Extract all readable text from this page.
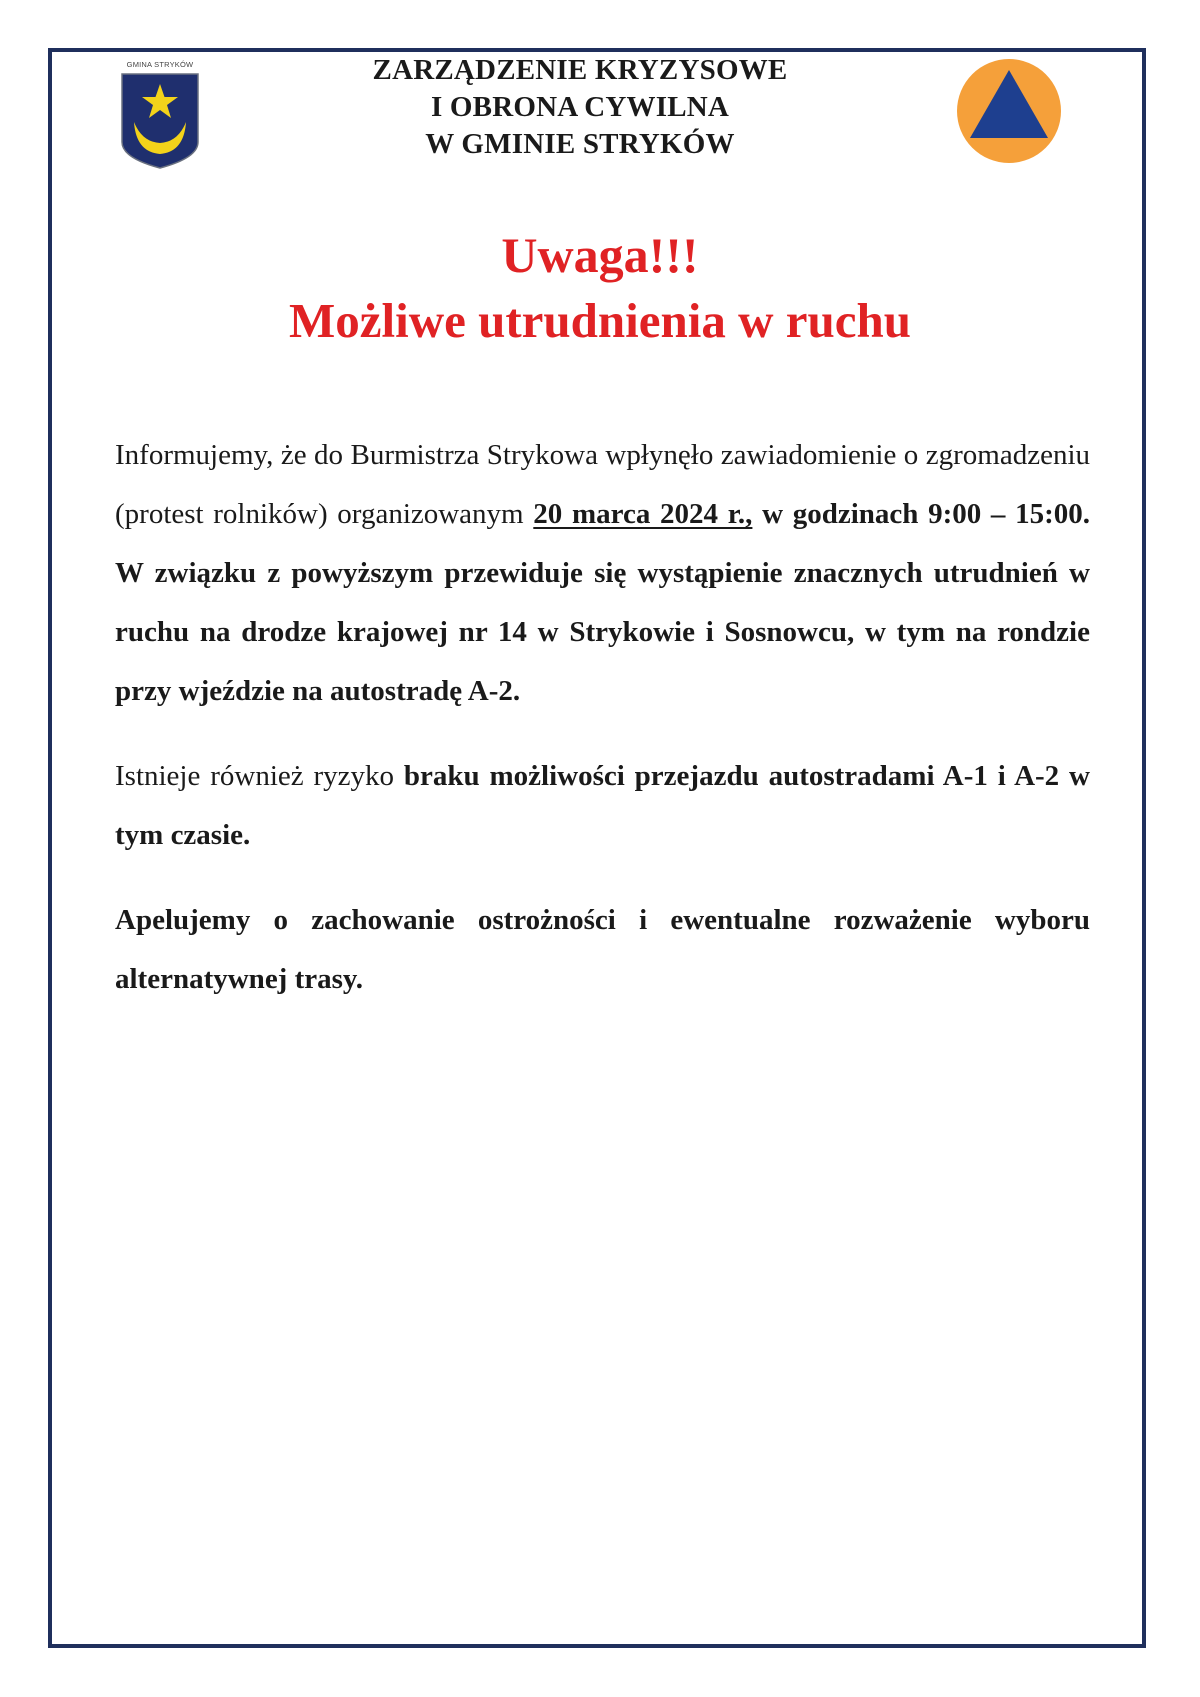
GMINA STRYKÓW	ZARZĄDZENIE KRYZYSOWE
I OBRONA CYWILNA
W GMINIE STRYKÓW
Uwaga!!!
Możliwe utrudnienia w ruchu

Informujemy, że do Burmistrza Strykowa wpłynęło zawiadomienie o zgromadzeniu (protest rolników) organizowanym 20 marca 2024 r., w godzinach 9:00 – 15:00. W związku z powyższym przewiduje się wystąpienie znacznych utrudnień w ruchu na drodze krajowej nr 14 w Strykowie i Sosnowcu, w tym na rondzie przy wjeździe na autostradę A-2.

Istnieje również ryzyko braku możliwości przejazdu autostradami A-1 i A-2 w tym czasie.

Apelujemy o zachowanie ostrożności i ewentualne rozważenie wyboru alternatywnej trasy.
